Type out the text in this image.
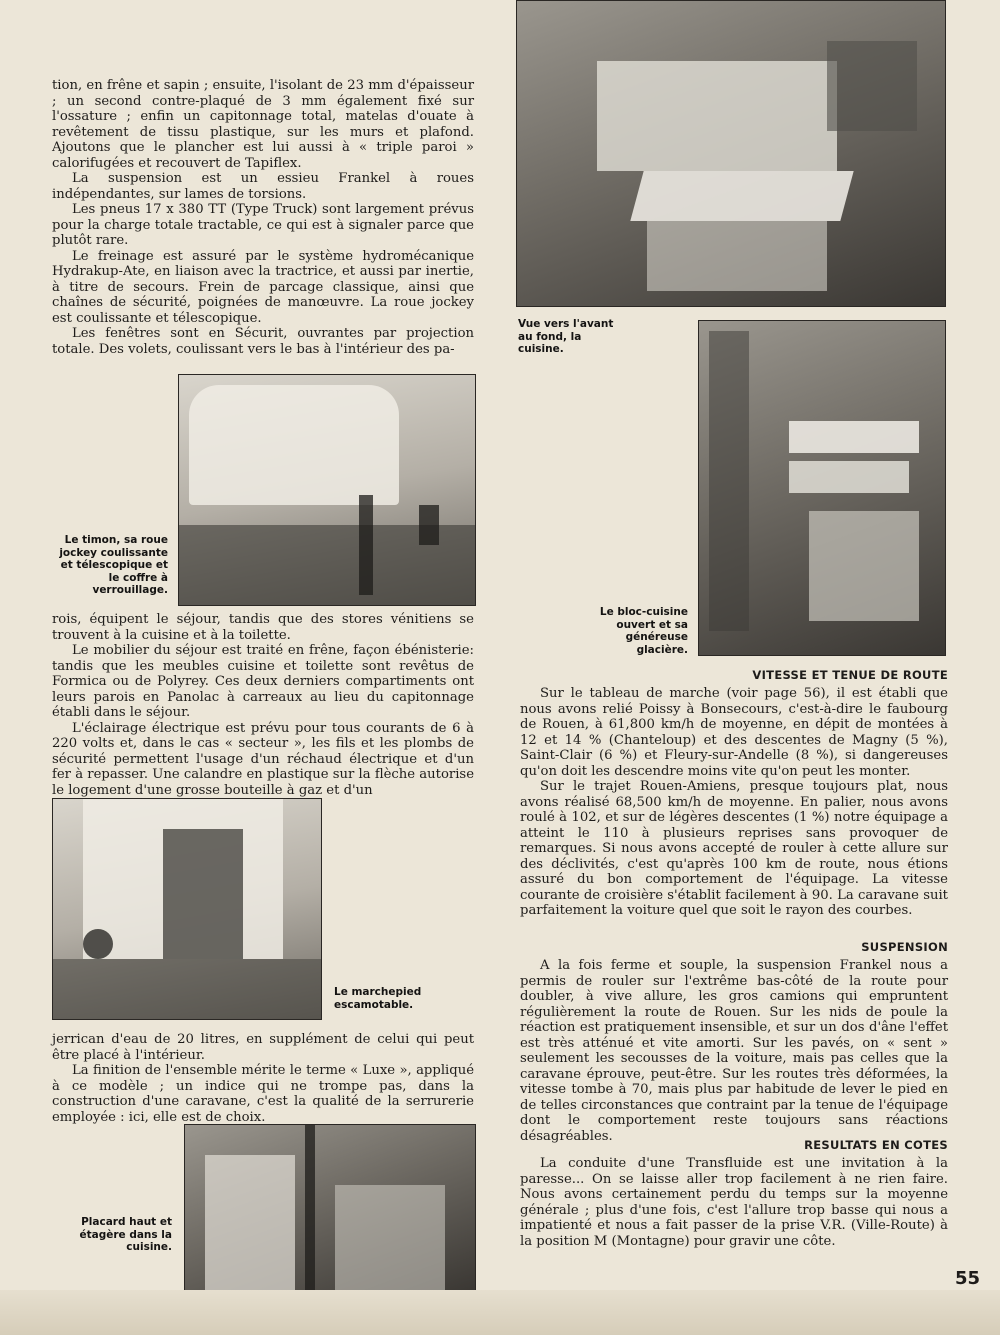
tion, en frêne et sapin ; ensuite, l'isolant de 23 mm d'épaisseur ; un second contre-plaqué de 3 mm également fixé sur l'ossature ; enfin un capitonnage total, matelas d'ouate à revêtement de tissu plastique, sur les murs et plafond. Ajoutons que le plancher est lui aussi à « triple paroi » calorifugées et recouvert de Tapiflex.

La suspension est un essieu Frankel à roues indépendantes, sur lames de torsions.

Les pneus 17 x 380 TT (Type Truck) sont largement prévus pour la charge totale tractable, ce qui est à signaler parce que plutôt rare.

Le freinage est assuré par le système hydromécanique Hydrakup-Ate, en liaison avec la tractrice, et aussi par inertie, à titre de secours. Frein de parcage classique, ainsi que chaînes de sécurité, poignées de manœuvre. La roue jockey est coulissante et télescopique.

Les fenêtres sont en Sécurit, ouvrantes par projection totale. Des volets, coulissant vers le bas à l'intérieur des pa-

Le timon, sa roue jockey coulissante et télescopique et le coffre à verrouillage.

rois, équipent le séjour, tandis que des stores vénitiens se trouvent à la cuisine et à la toilette.

Le mobilier du séjour est traité en frêne, façon ébénisterie: tandis que les meubles cuisine et toilette sont revêtus de Formica ou de Polyrey. Ces deux derniers compartiments ont leurs parois en Panolac à carreaux au lieu du capitonnage établi dans le séjour.

L'éclairage électrique est prévu pour tous courants de 6 à 220 volts et, dans le cas « secteur », les fils et les plombs de sécurité permettent l'usage d'un réchaud électrique et d'un fer à repasser. Une calandre en plastique sur la flèche autorise le logement d'une grosse bouteille à gaz et d'un

Le marchepied escamotable.

jerrican d'eau de 20 litres, en supplément de celui qui peut être placé à l'intérieur.

La finition de l'ensemble mérite le terme « Luxe », appliqué à ce modèle ; un indice qui ne trompe pas, dans la construction d'une caravane, c'est la qualité de la serrurerie employée : ici, elle est de choix.

Placard haut et étagère dans la cuisine.
Vue vers l'avant au fond, la cuisine.
Le bloc-cuisine ouvert et sa généreuse glacière.
VITESSE ET TENUE DE ROUTE

Sur le tableau de marche (voir page 56), il est établi que nous avons relié Poissy à Bonsecours, c'est-à-dire le faubourg de Rouen, à 61,800 km/h de moyenne, en dépit de montées à 12 et 14 % (Chanteloup) et des descentes de Magny (5 %), Saint-Clair (6 %) et Fleury-sur-Andelle (8 %), si dangereuses qu'on doit les descendre moins vite qu'on peut les monter.

Sur le trajet Rouen-Amiens, presque toujours plat, nous avons réalisé 68,500 km/h de moyenne. En palier, nous avons roulé à 102, et sur de légères descentes (1 %) notre équipage a atteint le 110 à plusieurs reprises sans provoquer de remarques. Si nous avons accepté de rouler à cette allure sur des déclivités, c'est qu'après 100 km de route, nous étions assuré du bon comportement de l'équipage. La vitesse courante de croisière s'établit facilement à 90. La caravane suit parfaitement la voiture quel que soit le rayon des courbes.

SUSPENSION

A la fois ferme et souple, la suspension Frankel nous a permis de rouler sur l'extrême bas-côté de la route pour doubler, à vive allure, les gros camions qui empruntent régulièrement la route de Rouen. Sur les nids de poule la réaction est pratiquement insensible, et sur un dos d'âne l'effet est très atténué et vite amorti. Sur les pavés, on « sent » seulement les secousses de la voiture, mais pas celles que la caravane éprouve, peut-être. Sur les routes très déformées, la vitesse tombe à 70, mais plus par habitude de lever le pied en de telles circonstances que contraint par la tenue de l'équipage dont le comportement reste toujours sans réactions désagréables.

RESULTATS EN COTES

La conduite d'une Transfluide est une invitation à la paresse... On se laisse aller trop facilement à ne rien faire. Nous avons certainement perdu du temps sur la moyenne générale ; plus d'une fois, c'est l'allure trop basse qui nous a impatienté et nous a fait passer de la prise V.R. (Ville-Route) à la position M (Montagne) pour gravir une côte.

55
